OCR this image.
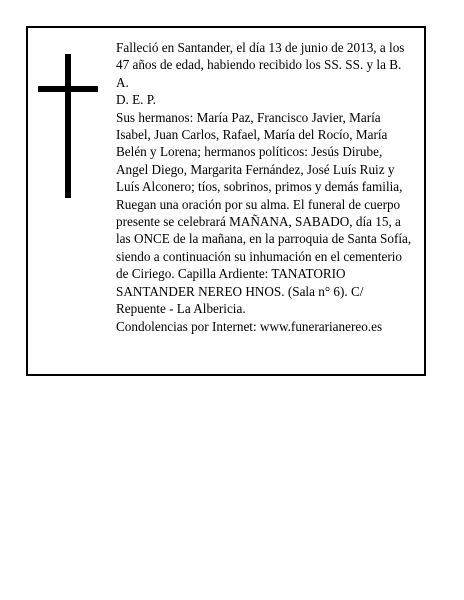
Falleció en Santander, el día 13 de junio de 2013, a los 47 años de edad, habiendo recibido los SS. SS. y la B. A.

D. E. P.

Sus hermanos: María Paz, Francisco Javier, María Isabel, Juan Carlos, Rafael, María del Rocío, María Belén y Lorena; hermanos políticos: Jesús Dirube, Angel Diego, Margarita Fernández, José Luís Ruiz y Luís Alconero; tíos, sobrinos, primos y demás familia,

Ruegan una oración por su alma. El funeral de cuerpo presente se celebrará MAÑANA, SABADO, día 15, a las ONCE de la mañana, en la parroquia de Santa Sofía, siendo a continuación su inhumación en el cementerio de Ciriego. Capilla Ardiente: TANATORIO SANTANDER NEREO HNOS. (Sala n° 6). C/ Repuente - La Albericia.

Condolencias por Internet: www.funerarianereo.es
